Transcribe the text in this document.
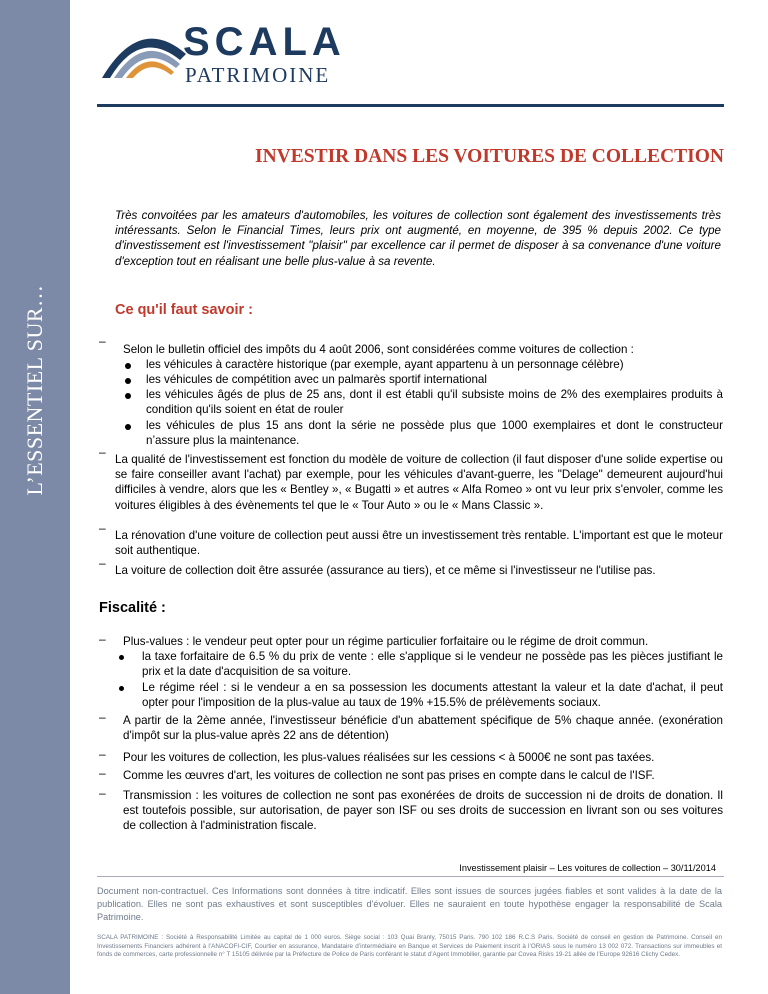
L’ESSENTIEL SUR…
SCALA
PATRIMOINE
INVESTIR DANS LES VOITURES DE COLLECTION
Très convoitées par les amateurs d'automobiles, les voitures de collection sont également des investissements très intéressants. Selon le Financial Times, leurs prix ont augmenté, en moyenne, de 395 % depuis 2002. Ce type d'investissement est l'investissement "plaisir" par excellence car il permet de disposer à sa convenance d'une voiture d'exception tout en réalisant une belle plus-value à sa revente.
Ce qu'il faut savoir :
–
Selon le bulletin officiel des impôts du 4 août 2006, sont considérées comme voitures de collection :
les véhicules à caractère historique (par exemple, ayant appartenu à un personnage célèbre)
les véhicules de compétition avec un palmarès sportif international
les véhicules âgés de plus de 25 ans, dont il est établi qu'il subsiste moins de 2% des exemplaires produits à condition qu'ils soient en état de rouler
les véhicules de plus 15 ans dont la série ne possède plus que 1000 exemplaires et dont le constructeur n’assure plus la maintenance.
–
La qualité de l'investissement est fonction du modèle de voiture de collection (il faut disposer d'une solide expertise ou se faire conseiller avant l'achat) par exemple, pour les véhicules d'avant-guerre, les "Delage" demeurent aujourd'hui difficiles à vendre, alors que les « Bentley », « Bugatti » et autres « Alfa Romeo » ont vu leur prix s'envoler, comme les voitures éligibles à des évènements tel que le « Tour Auto » ou le « Mans Classic ».
–
La rénovation d'une voiture de collection peut aussi être un investissement très rentable. L'important est que le moteur soit authentique.
–
La voiture de collection doit être assurée (assurance au tiers), et ce même si l'investisseur ne l'utilise pas.
Fiscalité :
– Plus-values : le vendeur peut opter pour un régime particulier forfaitaire ou le régime de droit commun.
la taxe forfaitaire de 6.5 % du prix de vente : elle s'applique si le vendeur ne possède pas les pièces justifiant le prix et la date d'acquisition de sa voiture.
Le régime réel : si le vendeur a en sa possession les documents attestant la valeur et la date d'achat, il peut opter pour l'imposition de la plus-value au taux de 19% +15.5% de prélèvements sociaux.
– A partir de la 2ème année, l'investisseur bénéficie d'un abattement spécifique de 5% chaque année. (exonération d'impôt sur la plus-value après 22 ans de détention)
– Pour les voitures de collection, les plus-values réalisées sur les cessions < à 5000€ ne sont pas taxées.
– Comme les œuvres d'art, les voitures de collection ne sont pas prises en compte dans le calcul de l'ISF.
– Transmission : les voitures de collection ne sont pas exonérées de droits de succession ni de droits de donation. Il est toutefois possible, sur autorisation, de payer son ISF ou ses droits de succession en livrant son ou ses voitures de collection à l'administration fiscale.
Investissement plaisir – Les voitures de collection – 30/11/2014
Document non-contractuel. Ces Informations sont données à titre indicatif. Elles sont issues de sources jugées fiables et sont valides à la date de la publication. Elles ne sont pas exhaustives et sont susceptibles d'évoluer. Elles ne sauraient en toute hypothèse engager la responsabilité de Scala Patrimoine.
SCALA PATRIMOINE : Société à Responsabilité Limitée au capital de 1 000 euros. Siège social : 103 Quai Branly, 75015 Paris. 790 102 186 R.C.S Paris. Société de conseil en gestion de Patrimoine. Conseil en Investissements Financiers adhérent à l’ANACOFI-CIF, Courtier en assurance, Mandataire d’intermédiaire en Banque et Services de Paiement inscrit à l’ORIAS sous le numéro 13 002 072. Transactions sur immeubles et fonds de commerces, carte professionnelle n° T 15105 délivrée par la Préfecture de Police de Paris conférant le statut d’Agent Immobilier, garantie par Covea Risks 19-21 allée de l’Europe 92616 Clichy Cedex.
